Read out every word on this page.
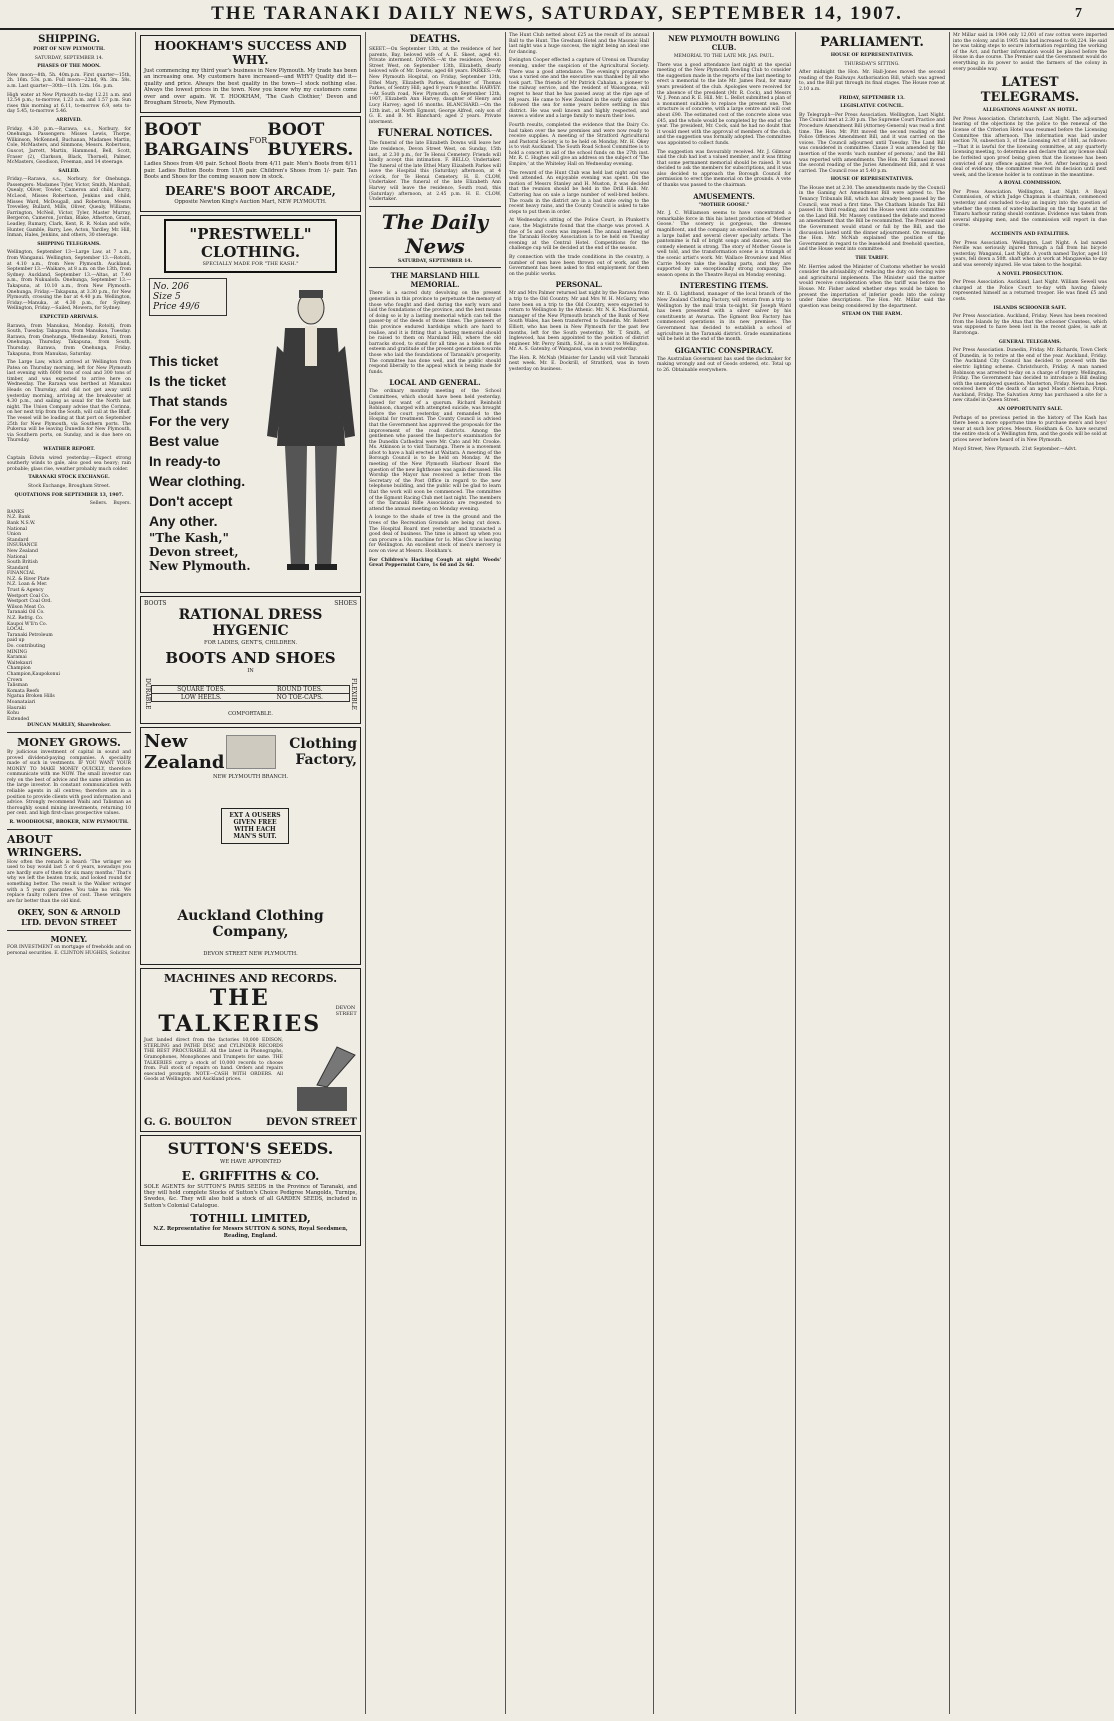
THE TARANAKI DAILY NEWS, SATURDAY, SEPTEMBER 14, 1907.	7
SHIPPING.
PORT OF NEW PLYMOUTH.
SATURDAY, SEPTEMBER 14.
PHASES OF THE MOON.

New moon—8th, 5h. 40m.p.m. First quarter—15th, 2h. 16m. 53s. p.m. Full moon—22nd, 9h. 3m. 58s. a.m. Last quarter—30th—11h. 12m. 16s. p.m.

High water at New Plymouth to-day 12.21 a.m. and 12.54 p.m.; to-morrow, 1.23 a.m. and 1.57 p.m. Sun rises this morning at 6.11, to-morrow 6.9, sets to-day 5.45, to-morrow 5.46.

ARRIVED.

Friday, 4.30 p.m.—Rarawa, s.s., Norbury, for Onehunga. Passengers: Misses Lewis, Thorpe, Wilkinson, McKennell, Buchanan, Madames Martin, Cole, McMasters, and Simmons; Messrs. Robertson, Guscot, Jarrett, Martin, Hammond, Bell, Scott, Fraser (2), Clarkson, Black, Thornell, Palmer, McMasters, Goodison, Freeman, and 14 steerage.

SAILED.

Friday.—Rarawa, s.s., Norbury, for Onehunga. Passengers: Madames Tyler, Victor, Smith, Marshall, Quealy, Oliver, Towler, Cameron and child, Barry, McLeod, Misses Robertson, Jenkins and child, Misses Ward, McDougall, and Robertson, Messrs Trevelley, Bullard, Mills, Oliver, Quealy, Williams, Farrington, McNeil, Victor, Tyler, Master Murray, Bergeron, Cameron, Jordan, Blake, Atherton, Grant, Leadley, Rumary, Clark, Kent, R. R. Nolan and wife, Hunter, Gamble, Barry, Lee, Acton, Yardley, Mr. Hill, Inman, Hales, Jenkins, and others, 30 steerage.

SHIPPING TELEGRAMS.

Wellington, September 13—Large Law, at 7 a.m., from Wanganui. Wellington, September 13.—Rotoiti, at 4.10 a.m., from New Plymouth. Auckland, September 13.—Waikare, at 8 a.m. on the 13th, from Sydney. Auckland, September 13.—Altas, at 7.40 a.m., from Nukualofa. Onehunga, September 13.—Takapuna, at 10.10 a.m., from New Plymouth. Onehunga, Friday.—Takapuna, at 3.30 p.m., for New Plymouth, crossing the bar at 4.40 p.m. Wellington, Friday.—Manuka, at 4.30 p.m., for Sydney. Wellington, Friday.—Sailed, Mowera, for Sydney.

EXPECTED ARRIVALS.

Rarawa, from Manukau, Monday. Rotoiti, from South, Tuesday. Takapuna, from Manukau, Tuesday. Rarawa, from Onehunga, Wednesday. Rotoiti, from Onehunga, Thursday. Takapuna, from South, Thursday. Rarawa, from Onehunga, Friday. Takapuna, from Manukau, Saturday.

The Large Law, which arrived at Wellington from Patea on Thursday morning, left for New Plymouth last evening with 6000 tons of coal and 300 tons of timber, and was expected to arrive here on Wednesday. The Rarawa was berthed at Manukau Heads on Thursday, and did not get away until yesterday morning, arriving at the breakwater at 4.30 p.m., and sailing as usual for the North last night. The Union Company advise that the Corinna, on her next trip from the South, will call at the Bluff. The vessel will be loading at that port on September 25th for New Plymouth, via Southern ports. The Pukerua will be leaving Dunedin for New Plymouth, via Southern ports, on Sunday, and is due here on Thursday.

WEATHER REPORT.

Captain Edwin wired yesterday:—Expect strong southerly winds to gale, also good sea heavy; rain probable; glass rise, weather probably much colder.

TARANAKI STOCK EXCHANGE.
Stock Exchange, Brougham Street.
QUOTATIONS FOR SEPTEMBER 13, 1907.
Sellers. Buyers.
BANKS
N.Z. Bank
Bank N.S.W.
National
Union
Standard
INSURANCE
New Zealand
National
South British
Standard
FINANCIAL
N.Z. & River Plate
N.Z. Loan & Mer.
Trust & Agency
Westport Coal Co.
Westport Coal Ord.
Wilson Meat Co.
Taranaki Oil Co.
N.Z. Refrig. Co.
Kaupoi W'll'n Co.
LOCAL
Taranaki Petroleum
paid up
Do. contributing
MINING
Karamai
Waitekauri
Champion
Champion,Kaupokonui
Crown
Talisman
Komata Reefs
Ngatua Broken Hills
Moanataiari
Hauraki
Kohu
Extended
DUNCAN MARLEY, Sharebroker.
MONEY GROWS.

By judicious investment of capital in sound and proved dividend-paying companies. A speciality made of such in vestments. IF YOU WANT YOUR MONEY TO MAKE MONEY QUICKLY, therefore communicate with me NOW. The small investor can rely on the best of advice and the same attention as the large investor. In constant communication with reliable agents in all centres; therefore am in a position to provide clients with good information and advice. Strongly recommend Waihi and Talisman as thoroughly sound mining investments, returning 10 per cent. and high first-class prospective values.

R. WOODHOUSE, BROKER, NEW PLYMOUTH.
ABOUT WRINGERS.

How often the remark is heard: 'The wringer we used to buy would last 5 or 6 years, nowadays you are hardly sure of them for six many months.' That's why we left the beaten track, and looked round for something better. The result is the Walker wringer with a 5 years guarantee. You take no risk. We replace faulty rollers free of cost. These wringers are far better than the old kind.

OKEY, SON & ARNOLD LTD. DEVON STREET
MONEY.

FOR INVESTMENT on mortgage of freeholds and on personal securities. E. CLINTON HUGHES, Solicitor.

HOOKHAM'S SUCCESS AND WHY.

Just commencing my third year's business in New Plymouth. My trade has been an increasing one. My customers have increased—and WHY? Quality did it—quality and price. Always the best quality in the town—I stock nothing else. Always the lowest prices in the town. Now you know why my customers come over and over again. W. T. HOOKHAM, 'The Cash Clothier,' Devon and Brougham Streets, New Plymouth.

BOOT BARGAINS FOR BOOT BUYERS.

Ladies Shoes from 4/6 pair. School Boots from 4/11 pair. Men's Boots from 6/11 pair. Ladies Button Boots from 11/6 pair. Children's Shoes from 1/- pair. Tan Boots and Shoes for the coming season now in stock.

DEARE'S BOOT ARCADE,
Opposite Newton King's Auction Mart, NEW PLYMOUTH.
"PRESTWELL" CLOTHING.
SPECIALLY MADE FOR "THE KASH."
No. 206
Size 5
Price 49/6
This ticket
Is the ticket
That stands
For the very
Best value
In ready-to
Wear clothing.
Don't accept
Any other.
"The Kash," Devon street, New Plymouth.
BOOTS	SHOES
RATIONAL DRESS HYGENIC
FOR LADIES, GENT'S, CHILDREN.
BOOTS AND SHOES
IN
DURABLE	SQUARE TOES.	ROUND TOES.
LOW HEELS.	NO TOE-CAPS.	FLEXIBLE
COMFORTABLE.
New Zealand
Clothing Factory,
NEW PLYMOUTH BRANCH.
EXT A OUSERS GIVEN FREE WITH EACH MAN'S SUIT.
Auckland Clothing Company,
DEVON STREET NEW PLYMOUTH.
MACHINES AND RECORDS.
THE TALKERIES
DEVON STREET

Just landed direct from the factories 10,000 EDISON, STERLING and PATHE DISC and CYLINDER RECORDS THE BEST PROCURABLE. All the latest in Phonographs, Gramophones, Monophones and Trumpets for same. THE TALKERIES carry a stock of 10,000 records to choose from. Full stock of repairs on hand. Orders and repairs executed promptly. NOTE—CASH WITH ORDERS. All Goods at Wellington and Auckland prices.

G. G. BOULTON	DEVON STREET
SUTTON'S SEEDS.
WE HAVE APPOINTED
E. GRIFFITHS & CO.

SOLE AGENTS for SUTTON'S PARIS SEEDS in the Province of Taranaki, and they will hold complete Stocks of Sutton's Choice Pedigree Mangolds, Turnips, Swedes, &c. They will also hold a stock of all GARDEN SEEDS, included in Sutton's Colonial Catalogue.

TOTHILL LIMITED,
N.Z. Representative for Messrs SUTTON & SONS, Royal Seedsmen, Reading, England.
DEATHS.

SKEET.—On September 13th, at the residence of her parents, Bay, beloved wife of A. E. Skeet, aged 41. Private interment. DOWNS.—At the residence, Devon Street West, on September 13th, Elizabeth, dearly beloved wife of Mr. Downs; aged 68 years. PARKES.—At New Plymouth Hospital, on Friday, September 13th, Ethel Mary, Elizabeth Parkes, daughter of Thomas Parkes, of Sentry Hill; aged 8 years 9 months. HARVEY.—At South road, New Plymouth, on September 12th, 1907, Elizabeth Ann Harvey, daughter of Henry and Lucy Harvey; aged 16 months. BLANCHARD.—On the 12th inst., at North Egmont, George Alfred, only son of G. E. and B. M. Blanchard; aged 2 years. Private interment.

FUNERAL NOTICES.

The funeral of the late Elizabeth Downs will leave her late residence, Devon Street West, on Sunday, 15th inst., at 2.30 p.m., for Te Henui Cemetery. Friends will kindly accept this intimation. F. BELLO, Undertaker. The funeral of the late Ethel Mary Elizabeth Parkes will leave the Hospital this (Saturday) afternoon, at 4 o'clock, for Te Henui Cemetery. H. E. CLOW, Undertaker. The funeral of the late Elizabeth Ann Harvey will leave the residence, South road, this (Saturday) afternoon, at 2.45 p.m. H. E. CLOW, Undertaker.

The Daily News
SATURDAY, SEPTEMBER 14.
THE MARSLAND HILL MEMORIAL.

There is a sacred duty devolving on the present generation in this province to perpetuate the memory of those who fought and died during the early wars and laid the foundations of the province, and the best means of doing so is by a lasting memorial which can tell the passer-by of the deeds of those times. The pioneers of this province endured hardships which are hard to realise, and it is fitting that a lasting memorial should be raised to them on Marsland Hill, where the old barracks stood, to stand for all time as a token of the esteem and gratitude of the present generation towards those who laid the foundations of Taranaki's prosperity. The committee has done well, and the public should respond liberally to the appeal which is being made for funds.

LOCAL AND GENERAL.

The ordinary monthly meeting of the School Committees, which should have been held yesterday, lapsed for want of a quorum. Richard Reinhold Robinson, charged with attempted suicide, was brought before the court yesterday and remanded to the Hospital for treatment. The County Council is advised that the Government has approved the proposals for the improvement of the road districts. Among the gentlemen who passed the Inspector's examination for the Dunedin Cathedral were Mr. Cato and Mr. Crooke. Ms. Atkinson is to visit Tauranga. There is a movement afoot to have a hall erected at Waitara. A meeting of the Borough Council is to be held on Monday. At the meeting of the New Plymouth Harbour Board the question of the new lighthouse was again discussed. His Worship the Mayor has received a letter from the Secretary of the Post Office in regard to the new telephone building, and the public will be glad to learn that the work will soon be commenced. The committee of the Egmont Racing Club met last night. The members of the Taranaki Rifle Association are requested to attend the annual meeting on Monday evening.

A lounge to the shade of tree in the ground and the trees of the Recreation Grounds are being cut down. The Hospital Board met yesterday and transacted a good deal of business. The time is almost up when you can procure a 10s. machine for 1s. Miss Clow is leaving for Wellington. An excellent stock of men's mercery is now on view at Messrs. Hookham's.

For Children's Hacking Cough at night Woods' Great Peppermint Cure, 1s 6d and 2s 6d.

The Hunt Club netted about £25 as the result of its annual Ball to the Hunt. The Gresham Hotel and the Masonic Hall last night was a huge success, the night being an ideal one for dancing.

Ewington Cooper effected a capture of Urenui on Thursday evening, under the suspicion of the Agricultural Society. There was a good attendance. The evening's programme was a varied one and the executive was thanked by all who took part. The friends of Mr Patrick Cahalan, a pioneer to the railway service, and the resident of Waiongona, will regret to hear that he has passed away at the ripe age of 84 years. He came to New Zealand in the early sixties and followed the sea for some years before settling in this district. He was well known and highly respected, and leaves a widow and a large family to mourn their loss.

Fourth results, completed the evidence that the Dairy Co. had taken over the new premises and were now ready to receive supplies. A meeting of the Stratford Agricultural and Pastoral Society is to be held on Monday. Mr. H. Okey is to visit Auckland. The South Road School Committee is to hold a concert in aid of the school funds on the 27th inst. Mr. R. C. Hughes will give an address on the subject of 'The Empire,' at the Whiteley Hall on Wednesday evening.

The reward of the Hunt Club was held last night and was well attended. An enjoyable evening was spent. On the motion of Messrs Stanley and H. Muston, it was decided that the reunion should be held in the Drill Hall. Mr. Cattering has on sale a large number of well-bred heifers. The roads in the district are in a bad state owing to the recent heavy rains, and the County Council is asked to take steps to put them in order.

At Wednesday's sitting of the Police Court, in Plunkett's case, the Magistrate found that the charge was proved. A fine of 5s and costs was imposed. The annual meeting of the Taranaki Hockey Association is to be held on Tuesday evening at the Central Hotel. Competitions for the challenge cup will be decided at the end of the season.

By connection with the trade conditions in the country, a number of men have been thrown out of work, and the Government has been asked to find employment for them on the public works.

PERSONAL.

Mr and Mrs Palmer returned last night by the Rarawa from a trip to the Old Country. Mr and Mrs W. H. McGarry, who have been on a trip to the Old Country, were expected to return to Wellington by the Athenic. Mr. N. K. MacDiarmid, manager of the New Plymouth branch of the Bank of New South Wales, has been transferred to Dunedin. Mr. Robert Elliott, who has been in New Plymouth for the past few months, left for the South yesterday. Mr. T. Smith, of Inglewood, has been appointed to the position of district engineer. Mr. Percy Smith, S.M., is on a visit to Wellington. Mr. A. S. Gatenby, of Wanganui, was in town yesterday.

The Hon. R. McNab (Minister for Lands) will visit Taranaki next week. Mr. E. Dockrill, of Stratford, was in town yesterday on business.

NEW PLYMOUTH BOWLING CLUB.
MEMORIAL TO THE LATE MR. JAS. PAUL.

There was a good attendance last night at the special meeting of the New Plymouth Bowling Club to consider the suggestion made in the reports of the last meeting to erect a memorial to the late Mr. James Paul, for many years president of the club. Apologies were received for the absence of the president (Mr. R. Cock), and Messrs W. J. Penn and R. E. Hill. Mr. L. Bellot submitted a plan of a monument suitable to replace the present one. The structure is of concrete, with a large centre and will cost about £90. The estimated cost of the concrete alone was £45, and the whole would be completed by the end of the year. The president, Mr. Cock, said he had no doubt that it would meet with the approval of members of the club, and the suggestion was formally adopted. The committee was appointed to collect funds.

The suggestion was favourably received. Mr. J. Gilmour said the club had lost a valued member, and it was fitting that some permanent memorial should be raised. It was decided to ask the members for subscriptions, and it was also decided to approach the Borough Council for permission to erect the memorial on the grounds. A vote of thanks was passed to the chairman.

AMUSEMENTS.
"MOTHER GOOSE."

Mr. J. C. Williamson seems to have concentrated a remarkable force in this his latest production of 'Mother Goose.' The scenery is gorgeous, the dresses magnificent, and the company an excellent one. There is a large ballet and several clever specialty artists. The pantomime is full of bright songs and dances, and the comedy element is strong. The story of Mother Goose is well told, and the transformation scene is a triumph of the scenic artist's work. Mr. Wallace Brownlow and Miss Carrie Moore take the leading parts, and they are supported by an exceptionally strong company. The season opens in the Theatre Royal on Monday evening.

INTERESTING ITEMS.

Mr. E. O. Lightband, manager of the local branch of the New Zealand Clothing Factory, will return from a trip to Wellington by the mail train to-night. Sir Joseph Ward has been presented with a silver salver by his constituents at Awarua. The Egmont Box Factory has commenced operations in its new premises. The Government has decided to establish a school of agriculture in the Taranaki district. Grade examinations will be held at the end of the month.

GIGANTIC CONSPIRACY.

The Australian Government has sued the clockmaker for making wrongly and out of Goods ordered, etc. Total up to 26. Obtainable everywhere.

PARLIAMENT.
HOUSE OF REPRESENTATIVES.
THURSDAY'S SITTING.

After midnight the Hon. Mr. Hall-Jones moved the second reading of the Railways Authorisation Bill, which was agreed to, and the Bill put through its final stages. The House rose at 2.10 a.m.

FRIDAY, SEPTEMBER 13.
LEGISLATIVE COUNCIL.

By Telegraph—Per Press Association. Wellington, Last Night. The Council met at 2.30 p.m. The Supreme Court Practice and Procedure Amendment Bill (Attorney-General) was read a first time. The Hon. Mr. Pitt moved the second reading of the Police Offences Amendment Bill, and it was carried on the voices. The Council adjourned until Tuesday. The Land Bill was considered in committee. Clause 3 was amended by the insertion of the words 'such number of persons,' and the Bill was reported with amendments. The Hon. Mr. Samuel moved the second reading of the Juries Amendment Bill, and it was carried. The Council rose at 5.40 p.m.

HOUSE OF REPRESENTATIVES.

The House met at 2.30. The amendments made by the Council in the Gaming Act Amendment Bill were agreed to. The Tenancy Tribunals Bill, which has already been passed by the Council, was read a first time. The Chatham Islands Tax Bill passed its third reading, and the House went into committee on the Land Bill. Mr. Massey continued the debate and moved an amendment that the Bill be recommitted. The Premier said the Government would stand or fall by the Bill, and the discussion lasted until the dinner adjournment. On resuming, the Hon. Mr. McNab explained the position of the Government in regard to the leasehold and freehold question, and the House went into committee.

THE TARIFF.

Mr. Herries asked the Minister of Customs whether he would consider the advisability of reducing the duty on fencing wire and agricultural implements. The Minister said the matter would receive consideration when the tariff was before the House. Mr. Fisher asked whether steps would be taken to prevent the importation of inferior goods into the colony under false descriptions. The Hon. Mr. Millar said the question was being considered by the department.

STEAM ON THE FARM.

Mr Millar said in 1904 only 12,001 of raw cotton were imported into the colony, and in 1905 this had increased to 68,224. He said he was taking steps to secure information regarding the working of the Act, and further information would be placed before the House in due course. The Premier said the Government would do everything in its power to assist the farmers of the colony in every possible way.

LATEST TELEGRAMS.
ALLEGATIONS AGAINST AN HOTEL.

Per Press Association. Christchurch, Last Night. The adjourned hearing of the objections by the police to the renewal of the license of the Criterion Hotel was resumed before the Licensing Committee this afternoon. The information was laid under section 78, subsection 3, of the Licensing Act of 1881, as follows:—That it is lawful for the licensing committee, at any quarterly licensing meeting, to determine and declare that any license shall be forfeited upon proof being given that the licensee has been convicted of any offence against the Act. After hearing a good deal of evidence, the committee reserved its decision until next week, and the license holder is to continue in the meantime.

A ROYAL COMMISSION.

Per Press Association. Wellington, Last Night. A Royal Commission, of which Judge Chapman is chairman, commenced yesterday and concluded to-day an inquiry into the question of whether the system of water-ballasting on the tug boats at the Timaru harbour rating should continue. Evidence was taken from several shipping men, and the commission will report in due course.

ACCIDENTS AND FATALITIES.

Per Press Association. Wellington, Last Night. A lad named Neville was seriously injured through a fall from his bicycle yesterday. Wanganui, Last Night. A youth named Taylor, aged 18 years, fell down a 50ft. shaft when at work at Mangaweka to-day and was severely injured. He was taken to the hospital.

A NOVEL PROSECUTION.

Per Press Association. Auckland, Last Night. William Sewell was charged at the Police Court to-day with having falsely represented himself as a returned trooper. He was fined £5 and costs.

ISLANDS SCHOONER SAFE.

Per Press Association. Auckland, Friday. News has been received from the Islands by the Atua that the schooner Countess, which was supposed to have been lost in the recent gales, is safe at Rarotonga.

GENERAL TELEGRAMS.

Per Press Association. Dunedin, Friday. Mr. Richards, Town Clerk of Dunedin, is to retire at the end of the year. Auckland, Friday. The Auckland City Council has decided to proceed with the electric lighting scheme. Christchurch, Friday. A man named Robinson was arrested to-day on a charge of forgery. Wellington, Friday. The Government has decided to introduce a Bill dealing with the unemployed question. Masterton, Friday. News has been received here of the death of an aged Maori chieftain, Piripi. Auckland, Friday. The Salvation Army has purchased a site for a new citadel in Queen Street.

AN OPPORTUNITY SALE.

Perhaps of no previous period in the history of The Kash has there been a more opportune time to purchase men's and boys' wear at such low prices. Messrs. Hookham & Co. have secured the entire stock of a Wellington firm, and the goods will be sold at prices never before heard of in New Plymouth.

Moyd Street, New Plymouth. 21st September.—Advt.
